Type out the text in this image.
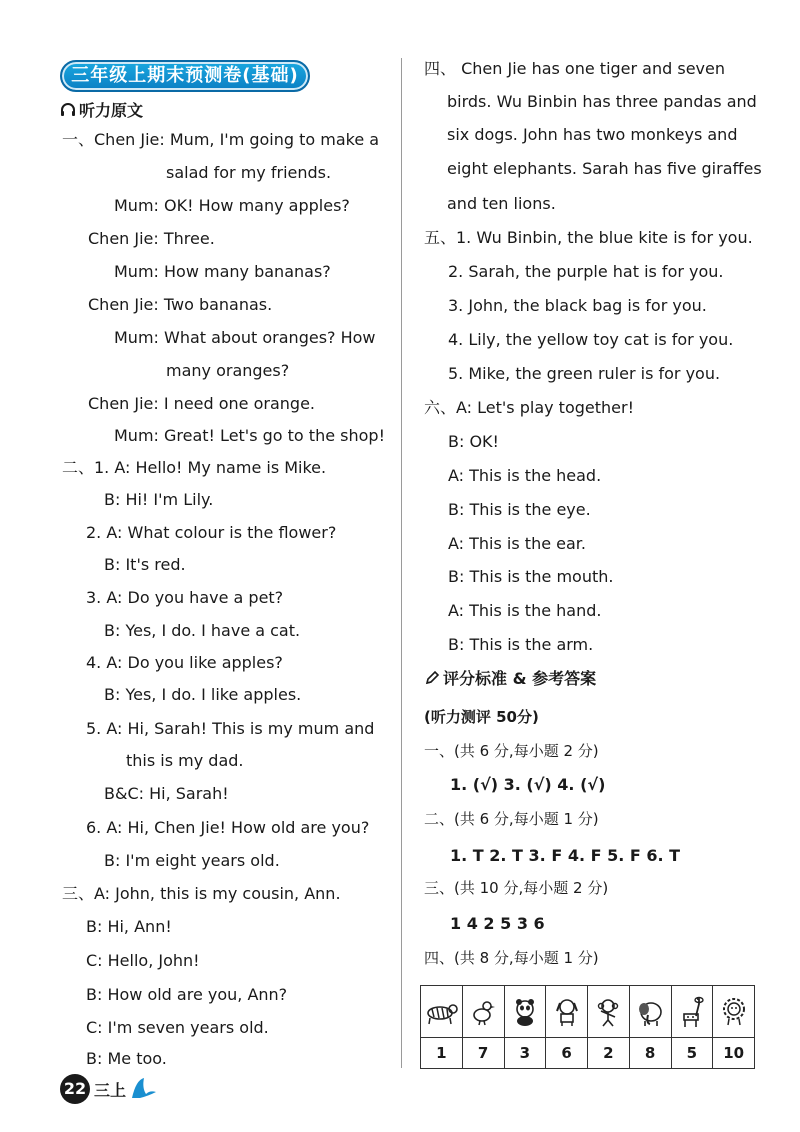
三年级上期末预测卷(基础)
听力原文
一、Chen Jie: Mum, I'm going to make a
salad for my friends.
Mum: OK! How many apples?
Chen Jie: Three.
Mum: How many bananas?
Chen Jie: Two bananas.
Mum: What about oranges? How
many oranges?
Chen Jie: I need one orange.
Mum: Great! Let's go to the shop!
二、1. A: Hello! My name is Mike.
B: Hi! I'm Lily.
2. A: What colour is the flower?
B: It's red.
3. A: Do you have a pet?
B: Yes, I do. I have a cat.
4. A: Do you like apples?
B: Yes, I do. I like apples.
5. A: Hi, Sarah! This is my mum and
this is my dad.
B&C: Hi, Sarah!
6. A: Hi, Chen Jie! How old are you?
B: I'm eight years old.
三、A: John, this is my cousin, Ann.
B: Hi, Ann!
C: Hello, John!
B: How old are you, Ann?
C: I'm seven years old.
B: Me too.
四、 Chen Jie has one tiger and seven
birds. Wu Binbin has three pandas and
six dogs. John has two monkeys and
eight elephants. Sarah has five giraffes
and ten lions.
五、1. Wu Binbin, the blue kite is for you.
2. Sarah, the purple hat is for you.
3. John, the black bag is for you.
4. Lily, the yellow toy cat is for you.
5. Mike, the green ruler is for you.
六、A: Let's play together!
B: OK!
A: This is the head.
B: This is the eye.
A: This is the ear.
B: This is the mouth.
A: This is the hand.
B: This is the arm.
评分标准 & 参考答案
(听力测评 50分)
一、(共 6 分,每小题 2 分)
1. (√) 3. (√) 4. (√)
二、(共 6 分,每小题 1 分)
1. T 2. T 3. F 4. F 5. F 6. T
三、(共 10 分,每小题 2 分)
1 4 2 5 3 6
四、(共 8 分,每小题 1 分)

1	7	3	6	2	8	5	10
22 三上
